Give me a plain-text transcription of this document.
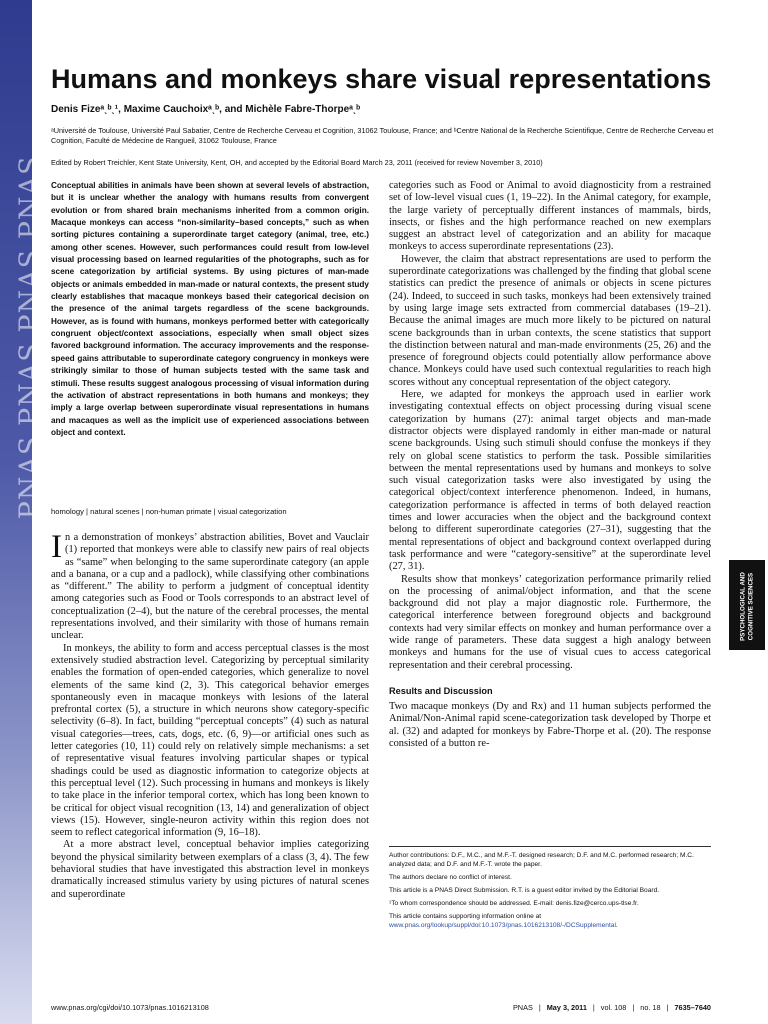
PNAS PNAS PNAS PNAS
Humans and monkeys share visual representations
Denis Fizeᵃˎᵇˎ¹, Maxime Cauchoixᵃˎᵇ, and Michèle Fabre-Thorpeᵃˎᵇ
ᵃUniversité de Toulouse, Université Paul Sabatier, Centre de Recherche Cerveau et Cognition, 31062 Toulouse, France; and ᵇCentre National de la Recherche Scientifique, Centre de Recherche Cerveau et Cognition, Faculté de Médecine de Rangueil, 31062 Toulouse, France
Edited by Robert Treichler, Kent State University, Kent, OH, and accepted by the Editorial Board March 23, 2011 (received for review November 3, 2010)

Conceptual abilities in animals have been shown at several levels of abstraction, but it is unclear whether the analogy with humans results from convergent evolution or from shared brain mechanisms inherited from a common origin. Macaque monkeys can access “non-similarity–based concepts,” such as when sorting pictures containing a superordinate target category (animal, tree, etc.) among other scenes. However, such performances could result from low-level visual processing based on learned regularities of the photographs, such as for scene categorization by artificial systems. By using pictures of man-made objects or animals embedded in man-made or natural contexts, the present study clearly establishes that macaque monkeys based their categorical decision on the presence of the animal targets regardless of the scene backgrounds. However, as is found with humans, monkeys performed better with categorically congruent object/context associations, especially when small object sizes favored background information. The accuracy improvements and the response-speed gains attributable to superordinate category congruency in monkeys were strikingly similar to those of human subjects tested with the same task and stimuli. These results suggest analogous processing of visual information during the activation of abstract representations in both humans and monkeys; they imply a large overlap between superordinate visual representations in humans and macaques as well as the implicit use of experienced associations between object and context.

homology | natural scenes | non-human primate | visual categorization

In a demonstration of monkeys’ abstraction abilities, Bovet and Vauclair (1) reported that monkeys were able to classify new pairs of real objects as “same” when belonging to the same superordinate category (an apple and a banana, or a cup and a padlock), while classifying other combinations as “different.” The ability to perform a judgment of conceptual identity among categories such as Food or Tools corresponds to an abstract level of conceptualization (2–4), but the nature of the cerebral processes, the mental representations involved, and their similarity with those of humans remain unclear.

In monkeys, the ability to form and access perceptual classes is the most extensively studied abstraction level. Categorizing by perceptual similarity enables the formation of open-ended categories, which generalize to novel elements of the same kind (2, 3). This categorical behavior emerges spontaneously even in macaque monkeys with lesions of the lateral prefrontal cortex (5), a structure in which neurons show category-specific selectivity (6–8). In fact, building “perceptual concepts” (4) such as natural visual categories—trees, cats, dogs, etc. (6, 9)—or artificial ones such as letter categories (10, 11) could rely on relatively simple mechanisms: a set of representative visual features involving particular shapes or typical shadings could be used as diagnostic information to categorize objects at this perceptual level (12). Such processing in humans and monkeys is likely to take place in the inferior temporal cortex, which has long been known to be critical for object visual recognition (13, 14) and generalization of object views (15). However, single-neuron activity within this region does not seem to reflect categorical information (9, 16–18).

At a more abstract level, conceptual behavior implies categorizing beyond the physical similarity between exemplars of a class (3, 4). The few behavioral studies that have investigated this abstraction level in monkeys dramatically increased stimulus variety by using pictures of natural scenes and superordinate

categories such as Food or Animal to avoid diagnosticity from a restrained set of low-level visual cues (1, 19–22). In the Animal category, for example, the large variety of perceptually different instances of mammals, birds, insects, or fishes and the high performance reached on new exemplars suggest an abstract level of categorization and an ability for macaque monkeys to access superordinate representations (23).

However, the claim that abstract representations are used to perform the superordinate categorizations was challenged by the finding that global scene statistics can predict the presence of animals or objects in scene pictures (24). Indeed, to succeed in such tasks, monkeys had been extensively trained by using large image sets extracted from commercial databases (19–21). Because the animal images are much more likely to be pictured on natural scene backgrounds than in urban contexts, the scene statistics that support the distinction between natural and man-made environments (25, 26) and the presence of foreground objects could potentially allow performance above chance. Monkeys could have used such contextual regularities to reach high scores without any conceptual representation of the object category.

Here, we adapted for monkeys the approach used in earlier work investigating contextual effects on object processing during visual scene categorization by humans (27): animal target objects and man-made distractor objects were displayed randomly in either man-made or natural scene backgrounds. Using such stimuli should confuse the monkeys if they rely on global scene statistics to perform the task. Possible similarities between the mental representations used by humans and monkeys to solve such visual categorization tasks were also investigated by using the categorical object/context interference phenomenon. Indeed, in humans, categorization performance is affected in terms of both delayed reaction times and lower accuracies when the object and the background context belong to different superordinate categories (27–31), suggesting that the mental representations of object and background context overlapped during task performance and were “category-sensitive” at the superordinate level (27, 31).

Results show that monkeys’ categorization performance primarily relied on the processing of animal/object information, and that the scene background did not play a major diagnostic role. Furthermore, the categorical interference between foreground objects and background contexts had very similar effects on monkey and human performance over a wide range of parameters. These data suggest a high analogy between monkeys and humans for the use of visual cues to access categorical representation and their cerebral processing.

Results and Discussion

Two macaque monkeys (Dy and Rx) and 11 human subjects performed the Animal/Non-Animal rapid scene-categorization task developed by Thorpe et al. (32) and adapted for monkeys by Fabre-Thorpe et al. (20). The response consisted of a button re-

Author contributions: D.F., M.C., and M.F.-T. designed research; D.F. and M.C. performed research; M.C. analyzed data; and D.F. and M.F.-T. wrote the paper.

The authors declare no conflict of interest.

This article is a PNAS Direct Submission. R.T. is a guest editor invited by the Editorial Board.

¹To whom correspondence should be addressed. E-mail: denis.fize@cerco.ups-tlse.fr.

This article contains supporting information online at www.pnas.org/lookup/suppl/doi:10.1073/pnas.1016213108/-/DCSupplemental.

PSYCHOLOGICAL AND COGNITIVE SCIENCES
www.pnas.org/cgi/doi/10.1073/pnas.1016213108	PNAS | May 3, 2011 | vol. 108 | no. 18 | 7635–7640
